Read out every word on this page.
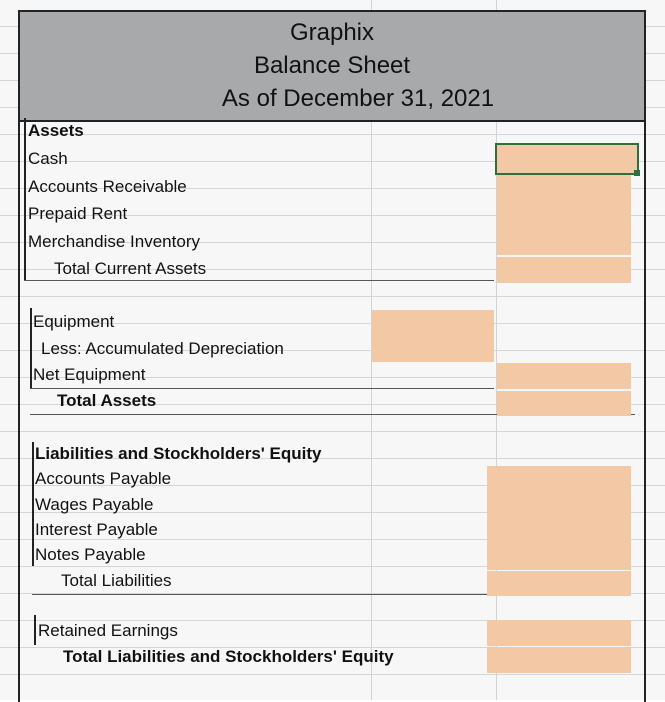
Graphix
Balance Sheet
As of December 31, 2021
Assets
Cash
Accounts Receivable
Prepaid Rent
Merchandise Inventory
Total Current Assets
Equipment
Less: Accumulated Depreciation
Net Equipment
Total Assets
Liabilities and Stockholders' Equity
Accounts Payable
Wages Payable
Interest Payable
Notes Payable
Total Liabilities
Retained Earnings
Total Liabilities and Stockholders' Equity
